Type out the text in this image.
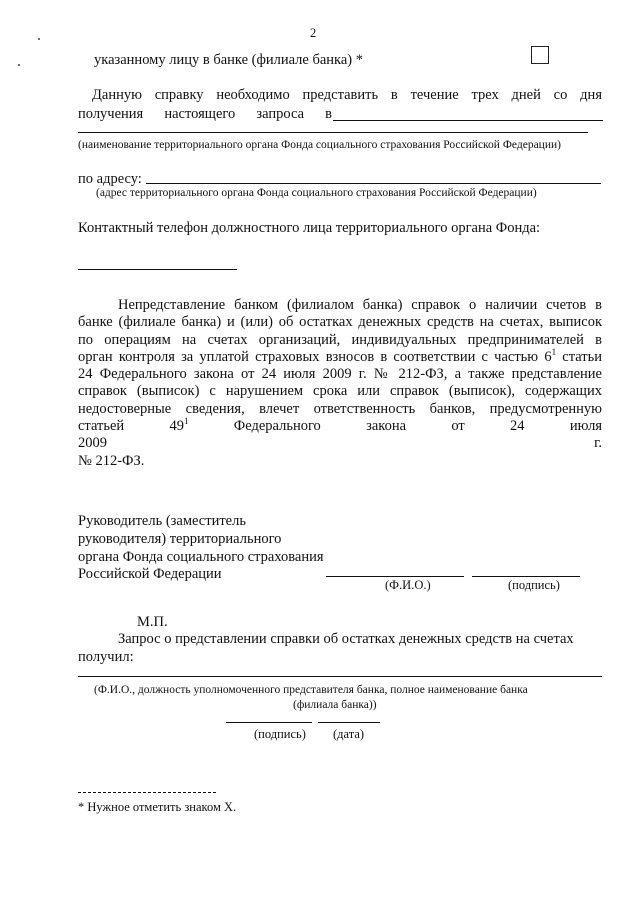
2
указанному лицу в банке (филиале банка) *
Данную справку необходимо представить в течение трех дней со дня
получения настоящего запроса в
(наименование территориального органа Фонда социального страхования Российской Федерации)
по адресу:
(адрес территориального органа Фонда социального страхования Российской Федерации)
Контактный телефон должностного лица территориального органа Фонда:
Непредставление банком (филиалом банка) справок о наличии счетов в
банке (филиале банка) и (или) об остатках денежных средств на счетах, выписок
по операциям на счетах организаций, индивидуальных предпринимателей в
орган контроля за уплатой страховых взносов в соответствии с частью $6^1$ статьи
24 Федерального закона от 24 июля 2009 г. № 212-ФЗ, а также представление
справок (выписок) с нарушением срока или справок (выписок), содержащих
недостоверные сведения, влечет ответственность банков, предусмотренную
статьей $49^1$ Федерального закона от 24 июля 2009 г.
№ 212-ФЗ.
Руководитель (заместитель
руководителя) территориального
органа Фонда социального страхования
Российской Федерации
(Ф.И.О.)	(подпись)
М.П.
Запрос о представлении справки об остатках денежных средств на счетах
получил:
(Ф.И.О., должность уполномоченного представителя банка, полное наименование банка
(филиала банка))
(подпись) (дата)
* Нужное отметить знаком Х.
